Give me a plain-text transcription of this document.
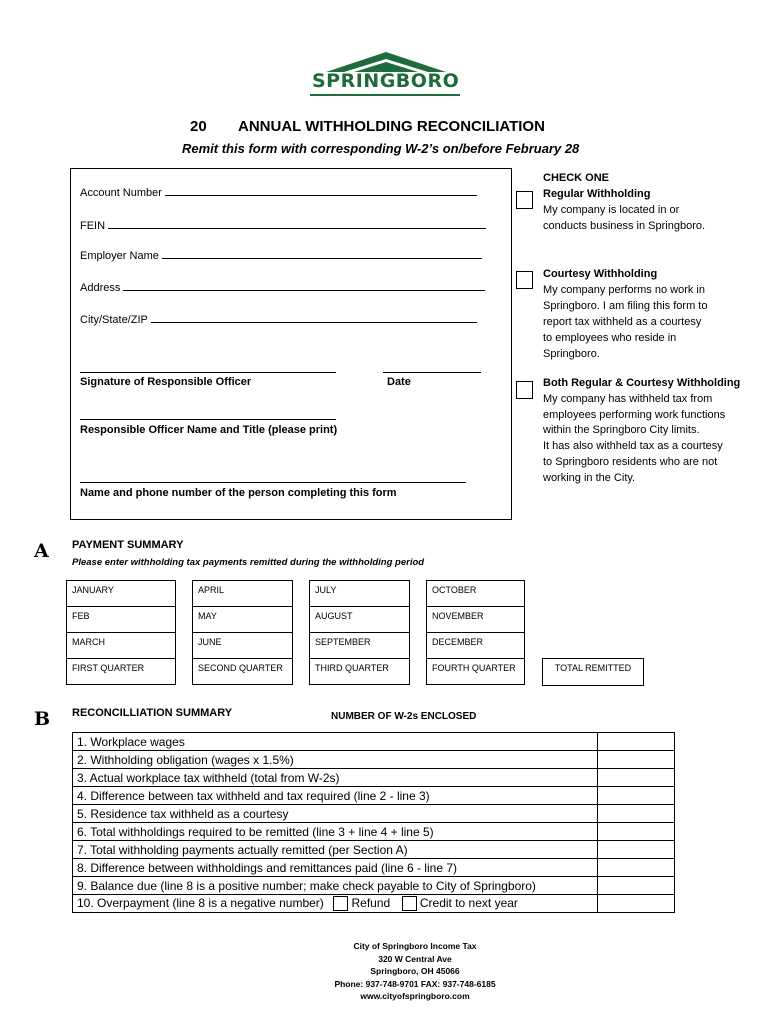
SPRINGBORO
20 ANNUAL WITHHOLDING RECONCILIATION
Remit this form with corresponding W-2’s on/before February 28
Account Number
FEIN
Employer Name
Address
City/State/ZIP
Signature of Responsible Officer	Date
Responsible Officer Name and Title (please print)
Name and phone number of the person completing this form
CHECK ONE
Regular Withholding
My company is located in or
conducts business in Springboro.
Courtesy Withholding
My company performs no work in
Springboro. I am filing this form to
report tax withheld as a courtesy
to employees who reside in
Springboro.
Both Regular & Courtesy Withholding
My company has withheld tax from
employees performing work functions
within the Springboro City limits.
It has also withheld tax as a courtesy
to Springboro residents who are not
working in the City.
A PAYMENT SUMMARY
Please enter withholding tax payments remitted during the withholding period
JANUARY	APRIL	JULY	OCTOBER
FEB	MAY	AUGUST	NOVEMBER
MARCH	JUNE	SEPTEMBER	DECEMBER
FIRST QUARTER	SECOND QUARTER	THIRD QUARTER	FOURTH QUARTER	TOTAL REMITTED
B RECONCILLIATION SUMMARY	NUMBER OF W-2s ENCLOSED
1. Workplace wages	
2. Withholding obligation (wages x 1.5%)	
3. Actual workplace tax withheld (total from W-2s)	
4. Difference between tax withheld and tax required (line 2 - line 3)	
5. Residence tax withheld as a courtesy	
6. Total withholdings required to be remitted (line 3 + line 4 + line 5)	
7. Total withholding payments actually remitted (per Section A)	
8. Difference between withholdings and remittances paid (line 6 - line 7)	
9. Balance due (line 8 is a positive number; make check payable to City of Springboro)	
10. Overpayment (line 8 is a negative number) Refund Credit to next year	
City of Springboro Income Tax
320 W Central Ave
Springboro, OH 45066
Phone: 937-748-9701 FAX: 937-748-6185
www.cityofspringboro.com
